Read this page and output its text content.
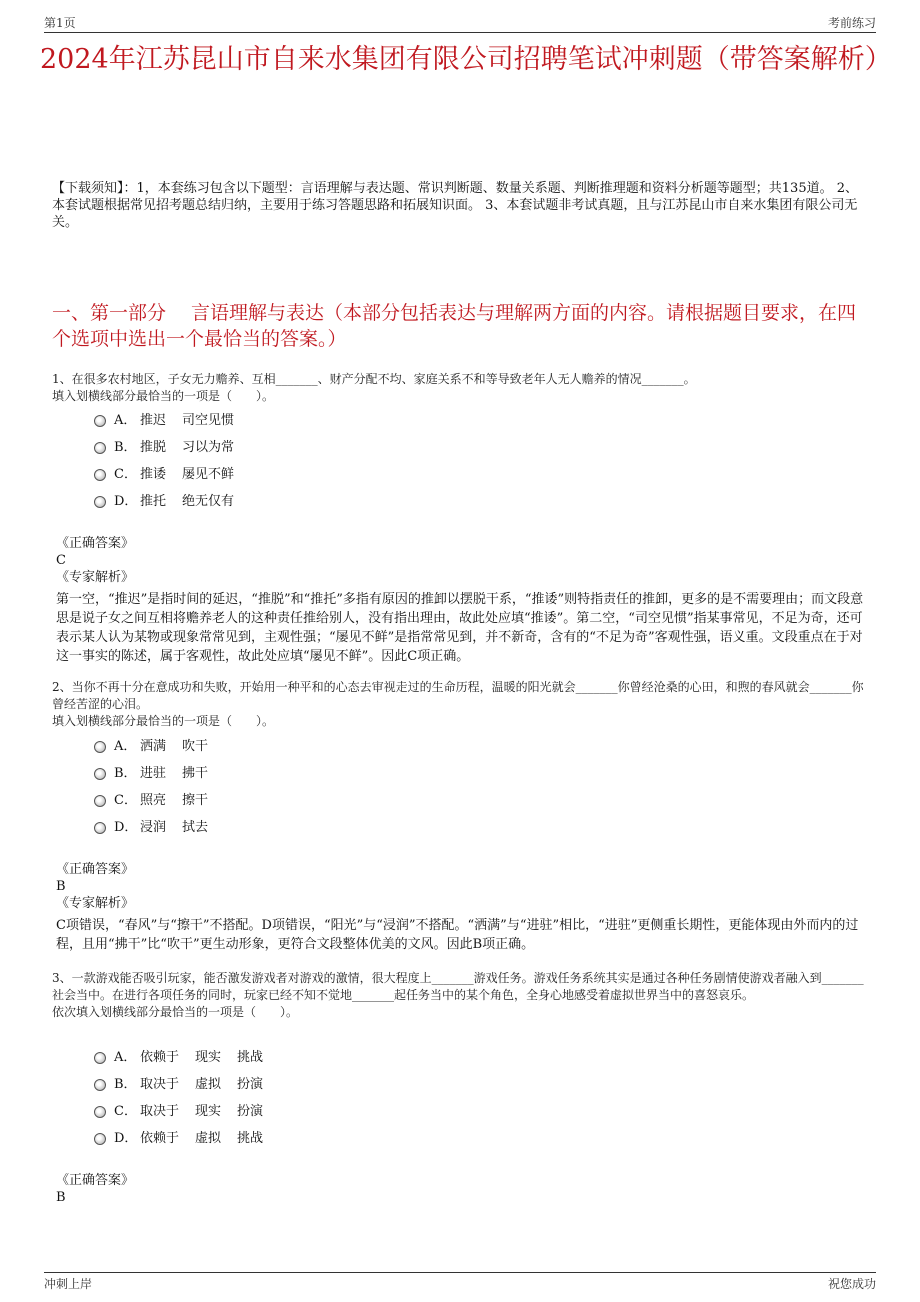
第1页	考前练习
2024年江苏昆山市自来水集团有限公司招聘笔试冲刺题（带答案解析）
【下载须知】：1，本套练习包含以下题型：言语理解与表达题、常识判断题、数量关系题、判断推理题和资料分析题等题型；共135道。 2、本套试题根据常见招考题总结归纳，主要用于练习答题思路和拓展知识面。 3、本套试题非考试真题，且与江苏昆山市自来水集团有限公司无关。
一、第一部分　 言语理解与表达（本部分包括表达与理解两方面的内容。请根据题目要求，在四个选项中选出一个最恰当的答案。）
1、在很多农村地区，子女无力赡养、互相_______、财产分配不均、家庭关系不和等导致老年人无人赡养的情况_______。
填入划横线部分最恰当的一项是（　　）。
A． 推迟 司空见惯
B． 推脱 习以为常
C． 推诿 屡见不鲜
D． 推托 绝无仅有
《正确答案》
C
《专家解析》
第一空，“推迟”是指时间的延迟，“推脱”和“推托”多指有原因的推卸以摆脱干系，“推诿”则特指责任的推卸，更多的是不需要理由；而文段意思是说子女之间互相将赡养老人的这种责任推给别人，没有指出理由，故此处应填“推诿”。第二空，“司空见惯”指某事常见，不足为奇，还可表示某人认为某物或现象常常见到，主观性强；“屡见不鲜”是指常常见到，并不新奇，含有的“不足为奇”客观性强，语义重。文段重点在于对这一事实的陈述，属于客观性，故此处应填“屡见不鲜”。因此C项正确。
2、当你不再十分在意成功和失败，开始用一种平和的心态去审视走过的生命历程，温暖的阳光就会_______你曾经沧桑的心田，和煦的春风就会_______你曾经苦涩的心泪。
填入划横线部分最恰当的一项是（　　）。
A． 洒满 吹干
B． 进驻 拂干
C． 照亮 擦干
D． 浸润 拭去
《正确答案》
B
《专家解析》
C项错误，“春风”与“擦干”不搭配。D项错误，“阳光”与“浸润”不搭配。“洒满”与“进驻”相比，“进驻”更侧重长期性，更能体现由外而内的过程，且用“拂干”比“吹干”更生动形象，更符合文段整体优美的文风。因此B项正确。
3、一款游戏能否吸引玩家，能否激发游戏者对游戏的激情，很大程度上_______游戏任务。游戏任务系统其实是通过各种任务剧情使游戏者融入到_______社会当中。在进行各项任务的同时，玩家已经不知不觉地_______起任务当中的某个角色，全身心地感受着虚拟世界当中的喜怒哀乐。
依次填入划横线部分最恰当的一项是（　　）。
A． 依赖于 现实 挑战
B． 取决于 虚拟 扮演
C． 取决于 现实 扮演
D． 依赖于 虚拟 挑战
《正确答案》
B
冲刺上岸	祝您成功
